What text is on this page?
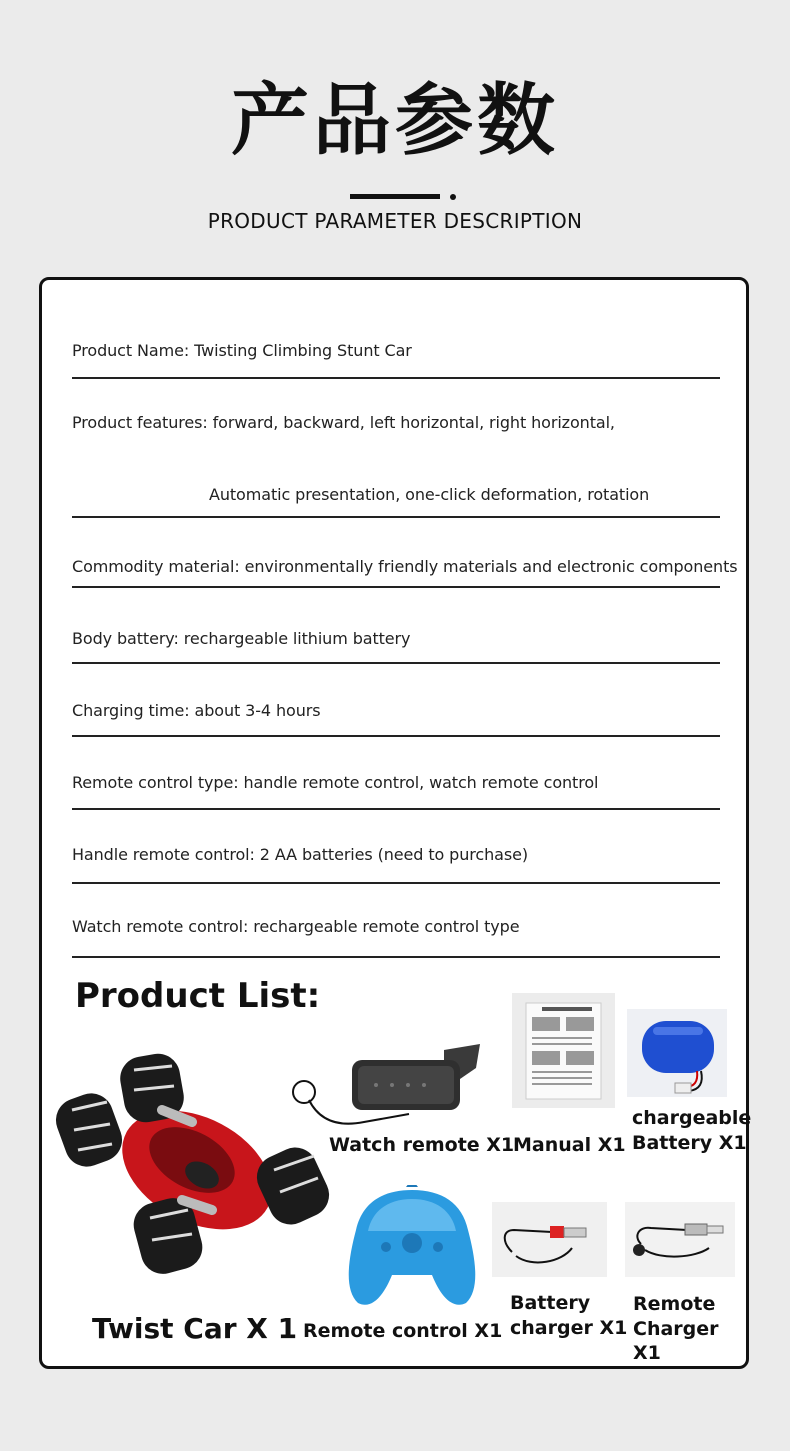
产品参数
PRODUCT PARAMETER DESCRIPTION
Product Name: Twisting Climbing Stunt Car
Product features: forward, backward, left horizontal, right horizontal,
Automatic presentation, one-click deformation, rotation
Commodity material: environmentally friendly materials and electronic components
Body battery: rechargeable lithium battery
Charging time: about 3-4 hours
Remote control type: handle remote control, watch remote control
Handle remote control: 2 AA batteries (need to purchase)
Watch remote control: rechargeable remote control type
Product List:
Watch remote X1
Manual X1
chargeable
Battery X1
Remote control X1
Battery
charger X1
Remote
Charger X1
Twist Car X 1
